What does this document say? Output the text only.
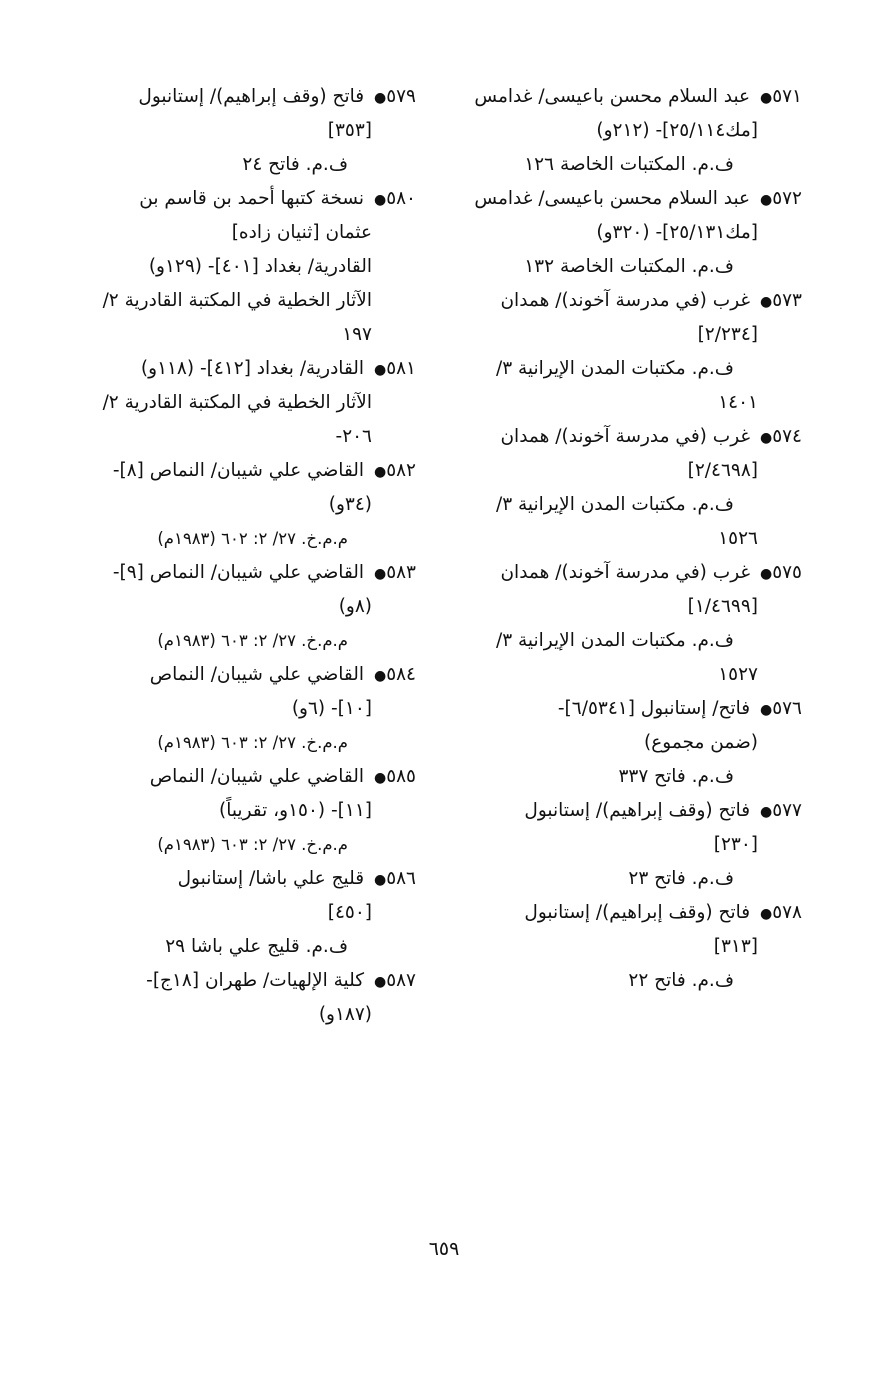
٥٧١● عبد السلام محسن باعيسى/ غدامس
[مك٢٥/١١٤]- (٢١٢و)
ف.م. المكتبات الخاصة ١٢٦
٥٧٢● عبد السلام محسن باعيسى/ غدامس
[مك٢٥/١٣١]- (٣٢٠و)
ف.م. المكتبات الخاصة ١٣٢
٥٧٣● غرب (في مدرسة آخوند)/ همدان
[٢/٢٣٤]
ف.م. مكتبات المدن الإيرانية ٣/
١٤٠١
٥٧٤● غرب (في مدرسة آخوند)/ همدان
[٢/٤٦٩٨]
ف.م. مكتبات المدن الإيرانية ٣/
١٥٢٦
٥٧٥● غرب (في مدرسة آخوند)/ همدان
[١/٤٦٩٩]
ف.م. مكتبات المدن الإيرانية ٣/
١٥٢٧
٥٧٦● فاتح/ إستانبول [٦/٥٣٤١]-
(ضمن مجموع)
ف.م. فاتح ٣٣٧
٥٧٧● فاتح (وقف إبراهيم)/ إستانبول
[٢٣٠]
ف.م. فاتح ٢٣
٥٧٨● فاتح (وقف إبراهيم)/ إستانبول
[٣١٣]
ف.م. فاتح ٢٢
٥٧٩● فاتح (وقف إبراهيم)/ إستانبول
[٣٥٣]
ف.م. فاتح ٢٤
٥٨٠● نسخة كتبها أحمد بن قاسم بن
عثمان [ثنيان زاده]
القادرية/ بغداد [٤٠١]- (١٢٩و)
الآثار الخطية في المكتبة القادرية ٢/
١٩٧
٥٨١● القادرية/ بغداد [٤١٢]- (١١٨و)
الآثار الخطية في المكتبة القادرية ٢/
٢٠٦-
٥٨٢● القاضي علي شيبان/ النماص [٨]-
(٣٤و)
م.م.خ. ٢٧/ ٢: ٦٠٢ (١٩٨٣م)
٥٨٣● القاضي علي شيبان/ النماص [٩]-
(٨و)
م.م.خ. ٢٧/ ٢: ٦٠٣ (١٩٨٣م)
٥٨٤● القاضي علي شيبان/ النماص
[١٠]- (٦و)
م.م.خ. ٢٧/ ٢: ٦٠٣ (١٩٨٣م)
٥٨٥● القاضي علي شيبان/ النماص
[١١]- (١٥٠و، تقريباً)
م.م.خ. ٢٧/ ٢: ٦٠٣ (١٩٨٣م)
٥٨٦● قليج علي باشا/ إستانبول
[٤٥٠]
ف.م. قليج علي باشا ٢٩
٥٨٧● كلية الإلهيات/ طهران [١٨ج]-
(١٨٧و)
٦٥٩
